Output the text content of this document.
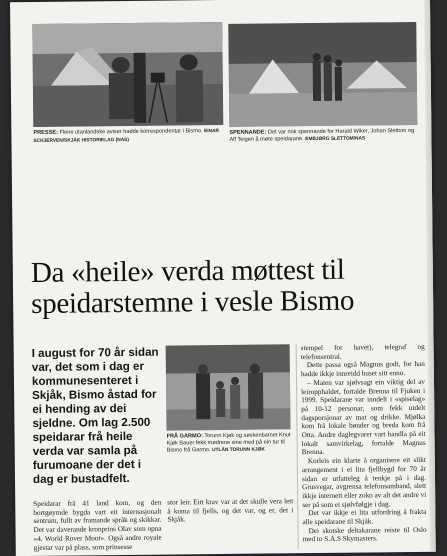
PRESSE: Fleire utanlandske aviser hadde korrespondentar i Bismo. EINAR SCHJERVEN/SKJÅK HISTORIELAG (NAS)
SPENNANDE: Det var nok spennande for Harald Wiker, Johan Slettom og Alf Teigen å møte speidarane. EMBJØRG SLETTOM/NAS
Da «heile» verda møttest til speidarstemne i vesle Bismo
I august for 70 år sidan var, det som i dag er kommunesenteret i Skjåk, Bismo åstad for ei hending av dei sjeldne. Om lag 2.500 speidarar frå heile verda var samla på furumoane der det i dag er bustadfelt.
FRÅ GARMO: Torunn Kjøk og søskenbarnet Knut Kjøk Bauer fekk mødrene sine med på ein tur til Bismo frå Garmo. UTLÅN TORUNN KJØK

Speidarar frå 41 land kom, og den bortgøymde bygda vart eit internasjonalt sentrum, fullt av framande språk og skikkar. Det var daverande kronprins Olav som opna «4. World Rover Moot». Også andre royale gjestar var på plass, som prinsesse

stor leir. Eitt krav var at det skulle vera lett å koma til fjells, og det var, og er, det i Skjåk.

stempel for havet), telegraf og telefonsentral.

Dette passa også Magnus godt, for han hadde ikkje innreidd huset sitt enno.

– Maten var sjølvsagt ein viktig del av leiropphaldet, fortalde Brenna til Fjuken i 1999. Speidarane var inndelt i «spiselag» på 10-12 personar, som fekk utdelt dagsporsjonar av mat og drikke. Mjølka kom frå lokale bønder og breda kom frå Otta. Andre daglegvarer vart handla på eit lokalt samvirkelag, fortalde Magnus Brenna.

Korleis ein klarte å organisere eit slikt arrangement i ei lita fjellbygd for 70 år sidan er utfatteleg å tenkje på i dag. Grusvegar, avgrensa telefonsamband, slett ikkje internett eller zoko av alt det andre vi ser på som ei sjølvfølgje i dag.

Det var ikkje ei lita utfordring å frakta alle speidarane til Skjåk.

Dei skotske deltakarane reiste til Oslo med to S.A.S Skymasters.
